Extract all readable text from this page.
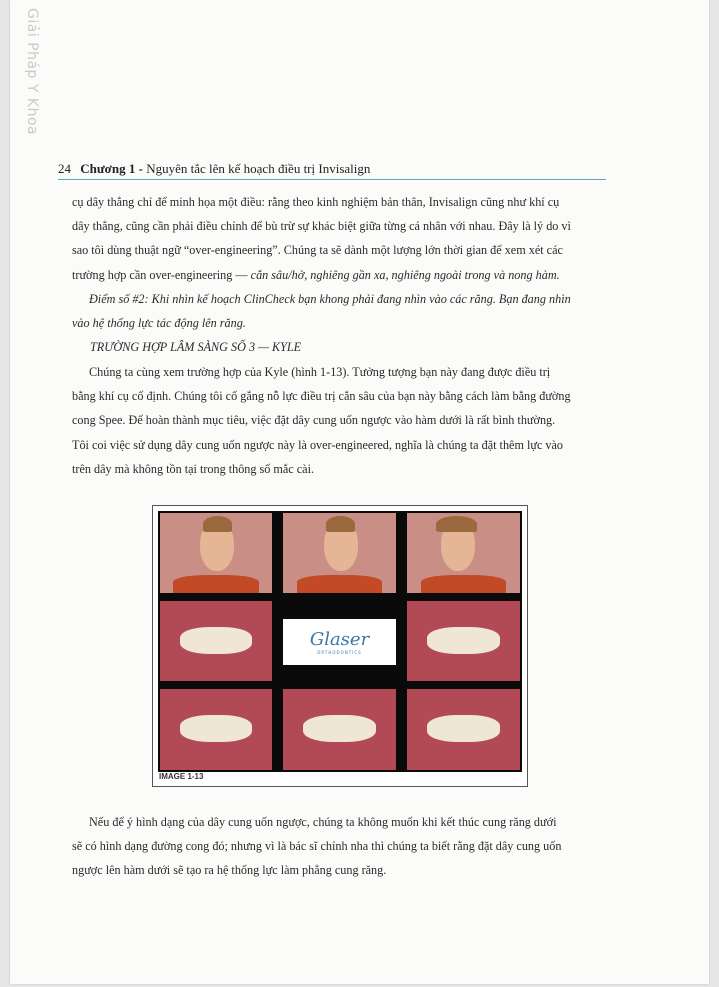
Giải Pháp Y Khoa
24 Chương 1 - Nguyên tắc lên kế hoạch điều trị Invisalign

cụ dây thẳng chỉ để minh họa một điều: rằng theo kinh nghiệm bản thân, Invisalign cũng như khí cụ
dây thẳng, cũng cần phải điều chỉnh để bù trừ sự khác biệt giữa từng cá nhân với nhau. Đây là lý do vì
sao tôi dùng thuật ngữ “over-engineering”. Chúng ta sẽ dành một lượng lớn thời gian để xem xét các
trường hợp cần over-engineering — cắn sâu/hở, nghiêng gần xa, nghiêng ngoài trong và nong hàm.

Điểm số #2: Khi nhìn kế hoạch ClinCheck bạn khong phải đang nhìn vào các răng. Bạn đang nhìn
vào hệ thống lực tác động lên răng.

TRƯỜNG HỢP LÂM SÀNG SỐ 3 — KYLE

Chúng ta cùng xem trường hợp của Kyle (hình 1-13). Tưởng tượng bạn này đang được điều trị
bằng khí cụ cố định. Chúng tôi cố gắng nỗ lực điều trị cắn sâu của bạn này bằng cách làm bằng đường
cong Spee. Để hoàn thành mục tiêu, việc đặt dây cung uốn ngược vào hàm dưới là rất bình thường.
Tôi coi việc sử dụng dây cung uốn ngược này là over-engineered, nghĩa là chúng ta đặt thêm lực vào
trên dây mà không tồn tại trong thông số mắc cài.

Glaser
ORTHODONTICS
IMAGE 1-13

Nếu để ý hình dạng của dây cung uốn ngược, chúng ta không muốn khi kết thúc cung răng dưới
sẽ có hình dạng đường cong đó; nhưng vì là bác sĩ chỉnh nha thì chúng ta biết rằng đặt dây cung uốn
ngược lên hàm dưới sẽ tạo ra hệ thống lực làm phẳng cung răng.
